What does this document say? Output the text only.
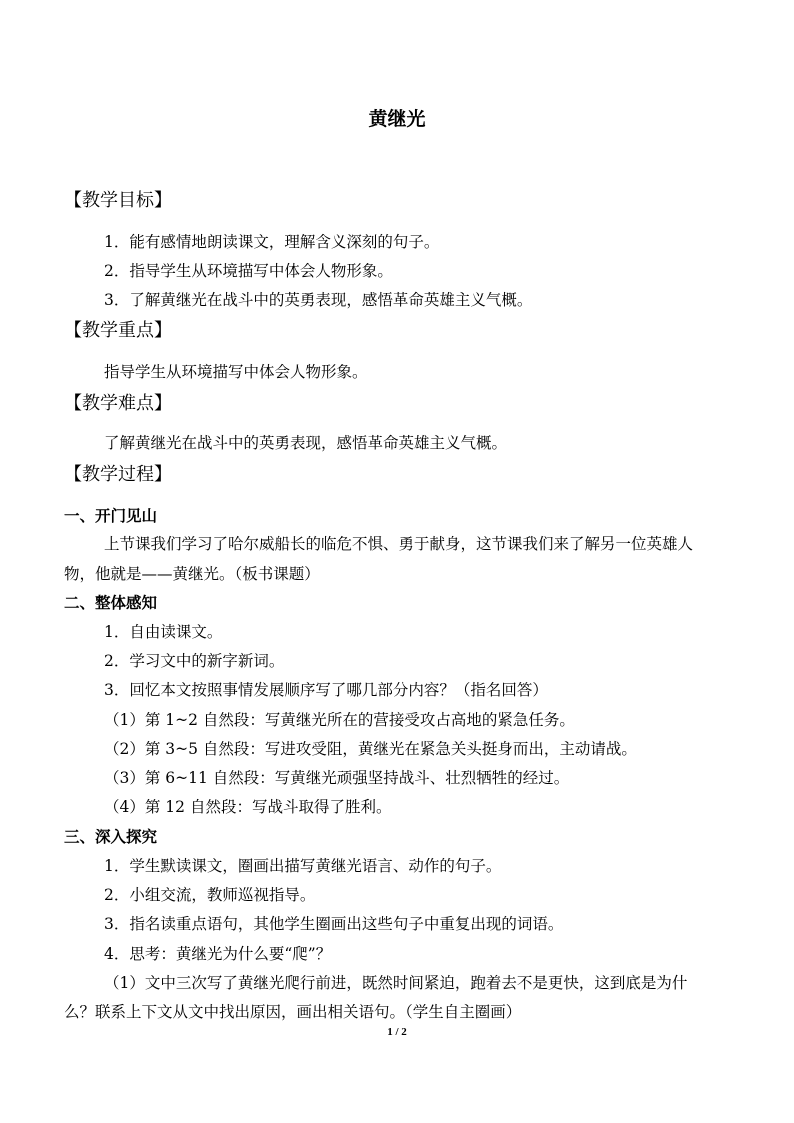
黄继光
【教学目标】
1．能有感情地朗读课文，理解含义深刻的句子。
2．指导学生从环境描写中体会人物形象。
3．了解黄继光在战斗中的英勇表现，感悟革命英雄主义气概。
【教学重点】
指导学生从环境描写中体会人物形象。
【教学难点】
了解黄继光在战斗中的英勇表现，感悟革命英雄主义气概。
【教学过程】
一、开门见山
上节课我们学习了哈尔威船长的临危不惧、勇于献身，这节课我们来了解另一位英雄人
物，他就是——黄继光。（板书课题）
二、整体感知
1．自由读课文。
2．学习文中的新字新词。
3．回忆本文按照事情发展顺序写了哪几部分内容？（指名回答）
（1）第 1~2 自然段：写黄继光所在的营接受攻占高地的紧急任务。
（2）第 3~5 自然段：写进攻受阻，黄继光在紧急关头挺身而出，主动请战。
（3）第 6~11 自然段：写黄继光顽强坚持战斗、壮烈牺牲的经过。
（4）第 12 自然段：写战斗取得了胜利。
三、深入探究
1．学生默读课文，圈画出描写黄继光语言、动作的句子。
2．小组交流，教师巡视指导。
3．指名读重点语句，其他学生圈画出这些句子中重复出现的词语。
4．思考：黄继光为什么要“爬”？
（1）文中三次写了黄继光爬行前进，既然时间紧迫，跑着去不是更快，这到底是为什
么？联系上下文从文中找出原因，画出相关语句。（学生自主圈画）
1 / 2
